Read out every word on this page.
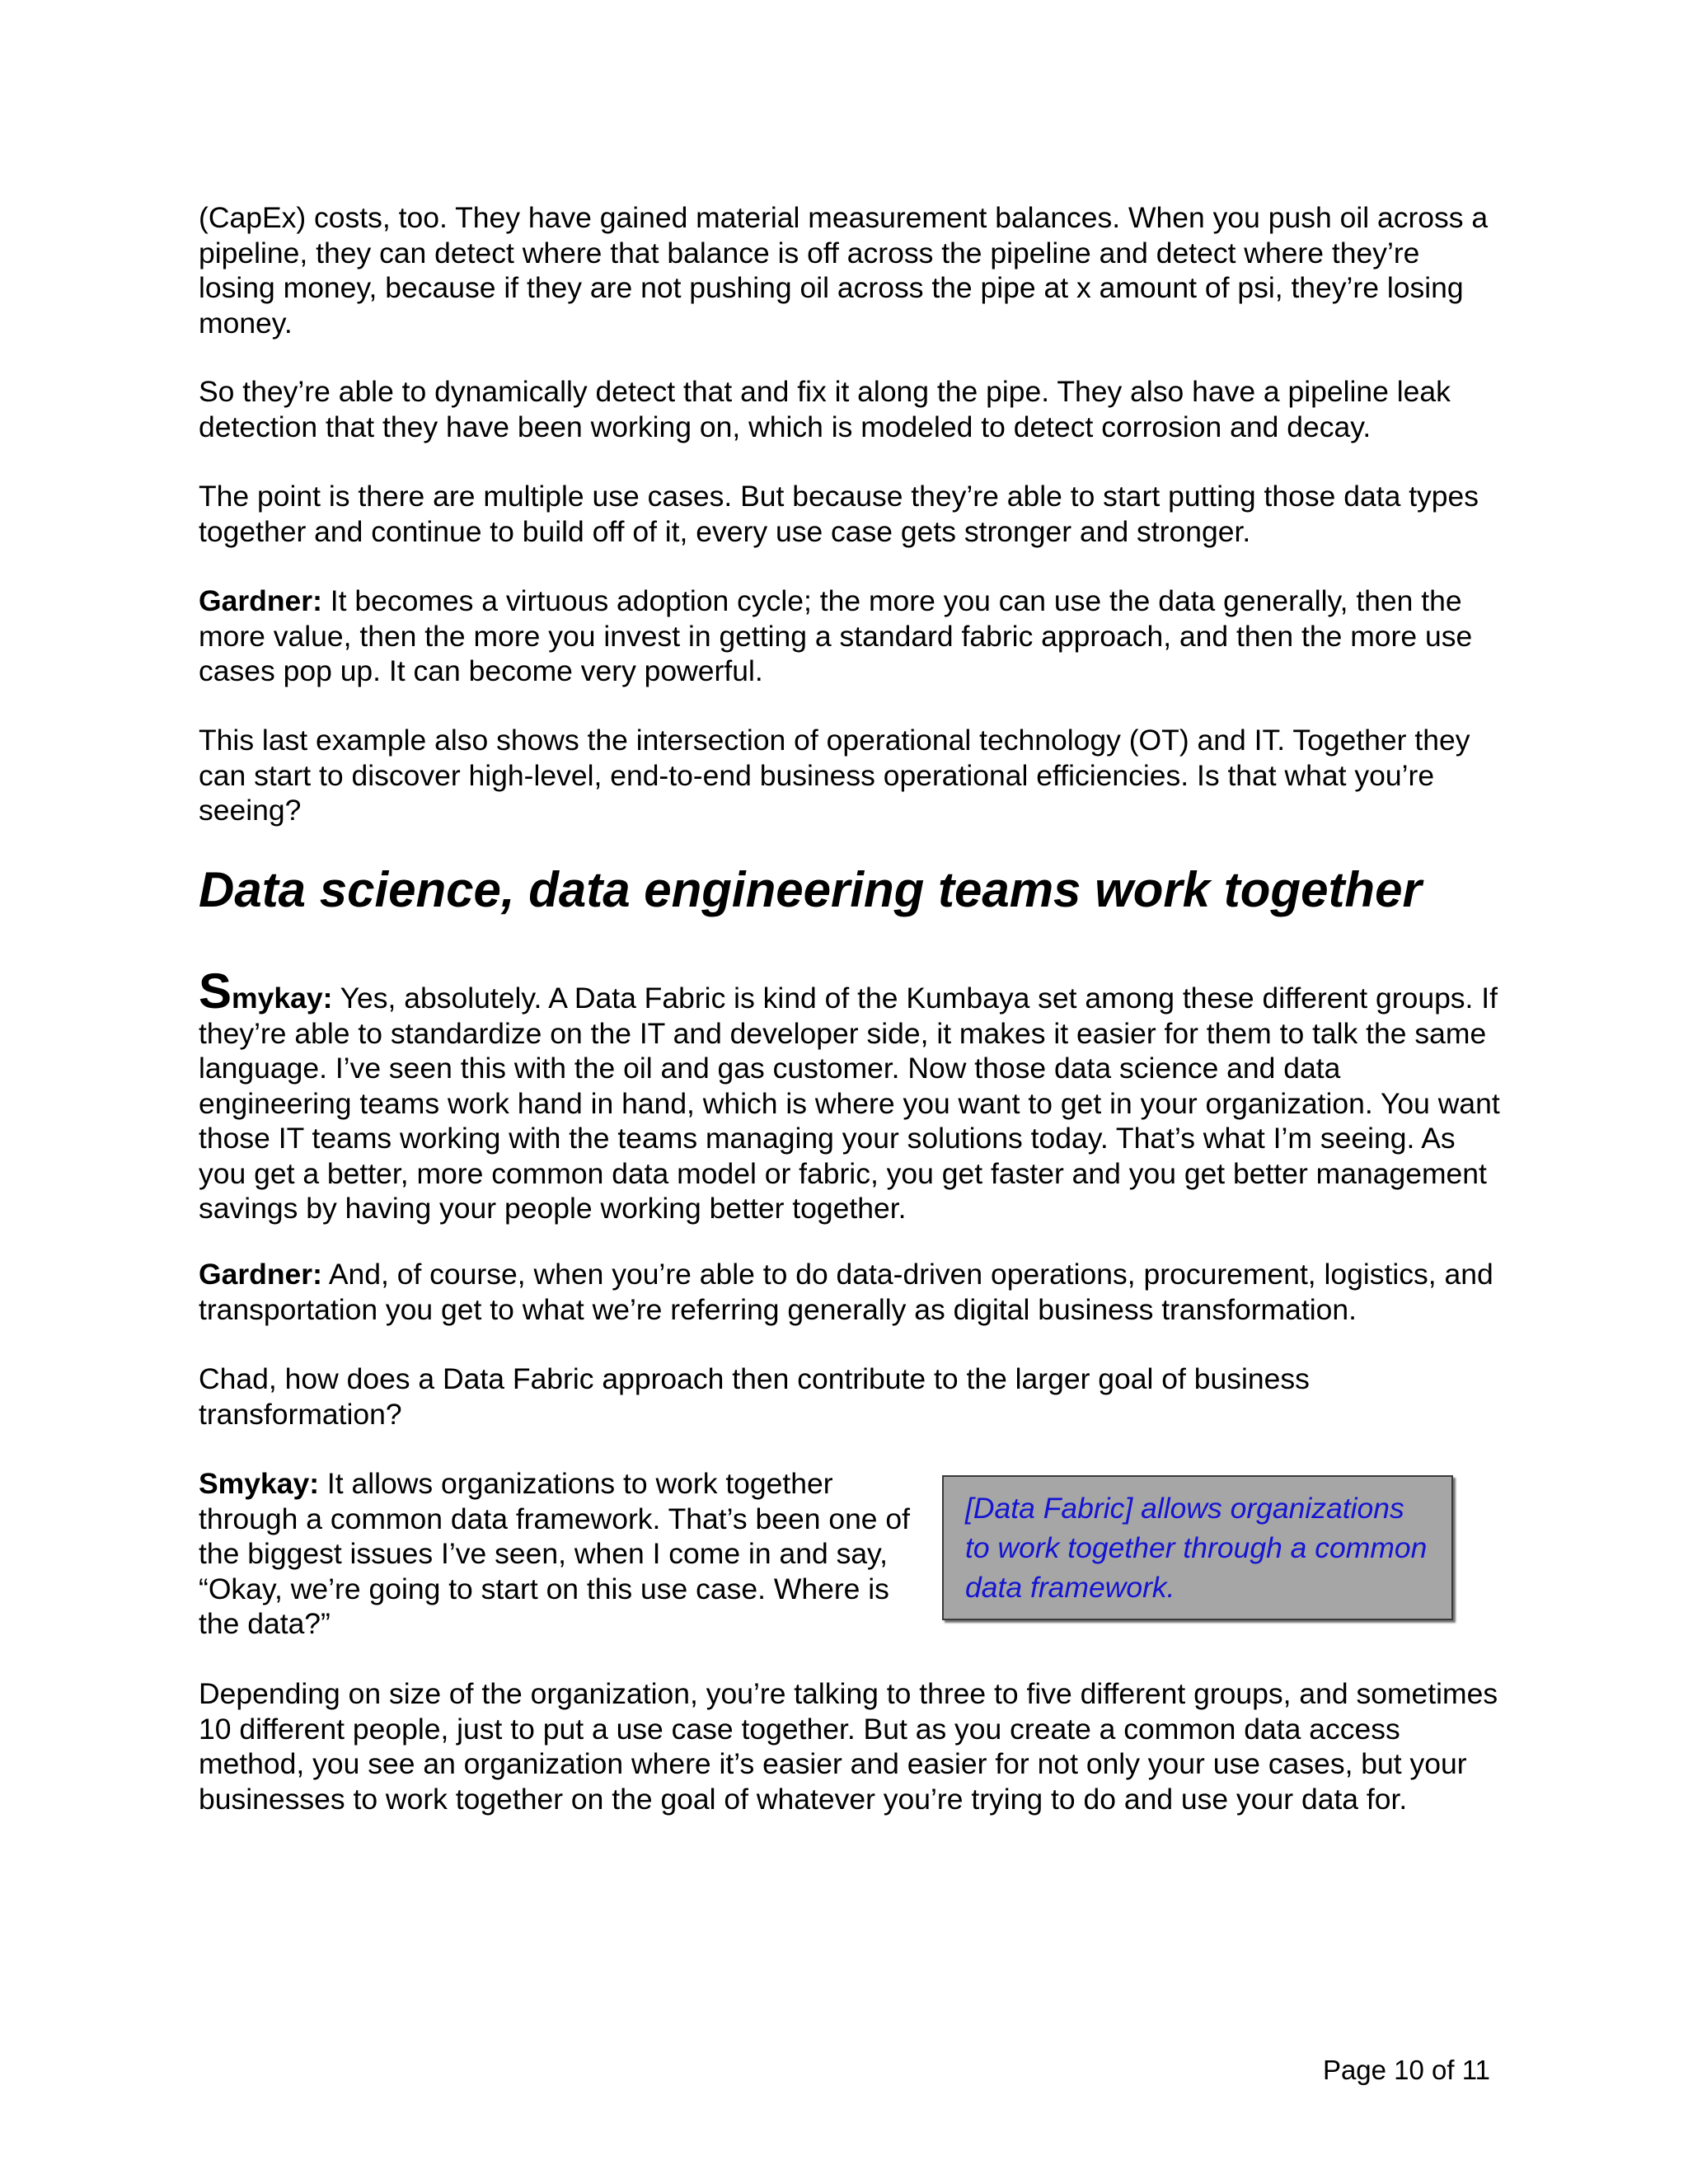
(CapEx) costs, too. They have gained material measurement balances. When you push oil across a pipeline, they can detect where that balance is off across the pipeline and detect where they’re losing money, because if they are not pushing oil across the pipe at x amount of psi, they’re losing money.

So they’re able to dynamically detect that and fix it along the pipe. They also have a pipeline leak detection that they have been working on, which is modeled to detect corrosion and decay.

The point is there are multiple use cases. But because they’re able to start putting those data types together and continue to build off of it, every use case gets stronger and stronger.

Gardner: It becomes a virtuous adoption cycle; the more you can use the data generally, then the more value, then the more you invest in getting a standard fabric approach, and then the more use cases pop up. It can become very powerful.

This last example also shows the intersection of operational technology (OT) and IT. Together they can start to discover high-level, end-to-end business operational efficiencies. Is that what you’re seeing?

Data science, data engineering teams work together

Smykay: Yes, absolutely. A Data Fabric is kind of the Kumbaya set among these different groups. If they’re able to standardize on the IT and developer side, it makes it easier for them to talk the same language. I’ve seen this with the oil and gas customer. Now those data science and data engineering teams work hand in hand, which is where you want to get in your organization. You want those IT teams working with the teams managing your solutions today. That’s what I’m seeing. As you get a better, more common data model or fabric, you get faster and you get better management savings by having your people working better together.

Gardner: And, of course, when you’re able to do data-driven operations, procurement, logistics, and transportation you get to what we’re referring generally as digital business transformation.

Chad, how does a Data Fabric approach then contribute to the larger goal of business transformation?

Smykay: It allows organizations to work together through a common data framework. That’s been one of the biggest issues I’ve seen, when I come in and say, “Okay, we’re going to start on this use case. Where is the data?”

[Data Fabric] allows organizations to work together through a common data framework.

Depending on size of the organization, you’re talking to three to five different groups, and sometimes 10 different people, just to put a use case together. But as you create a common data access method, you see an organization where it’s easier and easier for not only your use cases, but your businesses to work together on the goal of whatever you’re trying to do and use your data for.

Page 10 of 11
